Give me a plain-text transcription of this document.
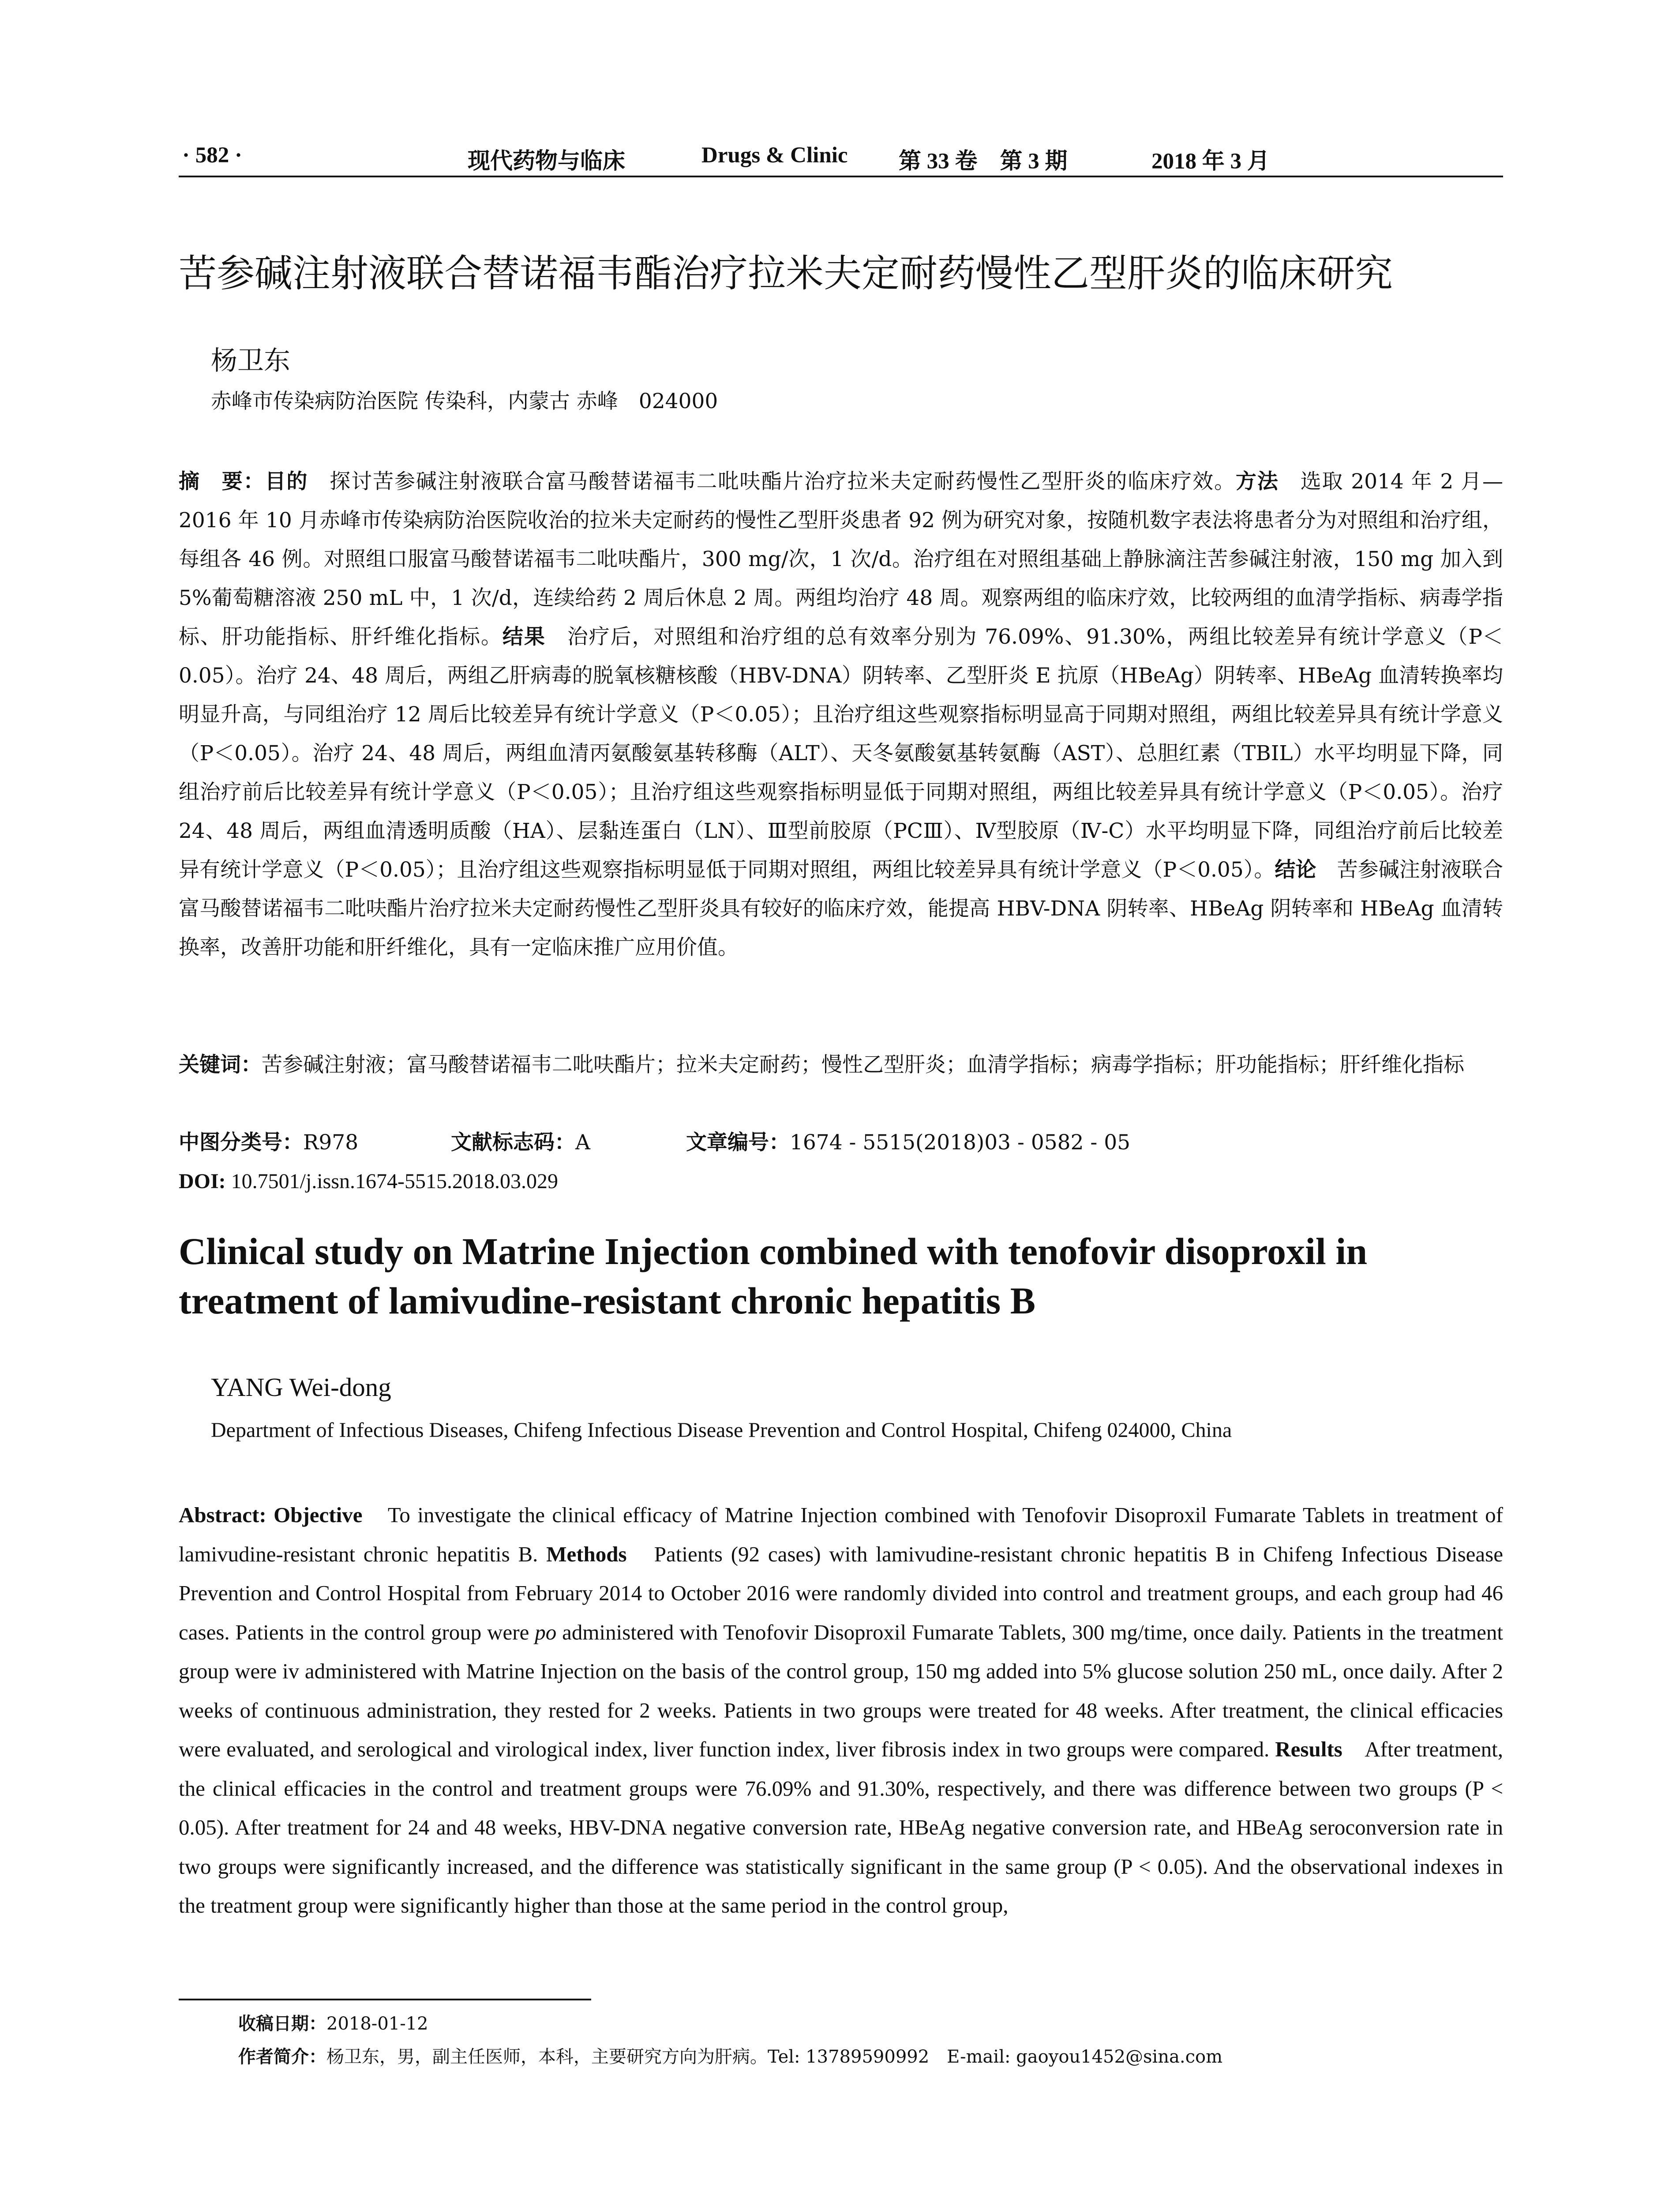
· 582 ·	现代药物与临床	Drugs & Clinic 第 33 卷　第 3 期	2018 年 3 月
苦参碱注射液联合替诺福韦酯治疗拉米夫定耐药慢性乙型肝炎的临床研究
杨卫东
赤峰市传染病防治医院 传染科，内蒙古 赤峰　024000
摘　要：目的　探讨苦参碱注射液联合富马酸替诺福韦二吡呋酯片治疗拉米夫定耐药慢性乙型肝炎的临床疗效。方法　选取 2014 年 2 月—2016 年 10 月赤峰市传染病防治医院收治的拉米夫定耐药的慢性乙型肝炎患者 92 例为研究对象，按随机数字表法将患者分为对照组和治疗组，每组各 46 例。对照组口服富马酸替诺福韦二吡呋酯片，300 mg/次，1 次/d。治疗组在对照组基础上静脉滴注苦参碱注射液，150 mg 加入到 5%葡萄糖溶液 250 mL 中，1 次/d，连续给药 2 周后休息 2 周。两组均治疗 48 周。观察两组的临床疗效，比较两组的血清学指标、病毒学指标、肝功能指标、肝纤维化指标。结果　治疗后，对照组和治疗组的总有效率分别为 76.09%、91.30%，两组比较差异有统计学意义（P＜0.05）。治疗 24、48 周后，两组乙肝病毒的脱氧核糖核酸（HBV-DNA）阴转率、乙型肝炎 E 抗原（HBeAg）阴转率、HBeAg 血清转换率均明显升高，与同组治疗 12 周后比较差异有统计学意义（P＜0.05）；且治疗组这些观察指标明显高于同期对照组，两组比较差异具有统计学意义（P＜0.05）。治疗 24、48 周后，两组血清丙氨酸氨基转移酶（ALT）、天冬氨酸氨基转氨酶（AST）、总胆红素（TBIL）水平均明显下降，同组治疗前后比较差异有统计学意义（P＜0.05）；且治疗组这些观察指标明显低于同期对照组，两组比较差异具有统计学意义（P＜0.05）。治疗 24、48 周后，两组血清透明质酸（HA）、层黏连蛋白（LN）、Ⅲ型前胶原（PCⅢ）、Ⅳ型胶原（Ⅳ-C）水平均明显下降，同组治疗前后比较差异有统计学意义（P＜0.05）；且治疗组这些观察指标明显低于同期对照组，两组比较差异具有统计学意义（P＜0.05）。结论　苦参碱注射液联合富马酸替诺福韦二吡呋酯片治疗拉米夫定耐药慢性乙型肝炎具有较好的临床疗效，能提高 HBV-DNA 阴转率、HBeAg 阴转率和 HBeAg 血清转换率，改善肝功能和肝纤维化，具有一定临床推广应用价值。
关键词：苦参碱注射液；富马酸替诺福韦二吡呋酯片；拉米夫定耐药；慢性乙型肝炎；血清学指标；病毒学指标；肝功能指标；肝纤维化指标
中图分类号： R978	文献标志码： A	文章编号： 1674 - 5515(2018)03 - 0582 - 05
DOI: 10.7501/j.issn.1674-5515.2018.03.029
Clinical study on Matrine Injection combined with tenofovir disoproxil in treatment of lamivudine-resistant chronic hepatitis B
YANG Wei-dong
Department of Infectious Diseases, Chifeng Infectious Disease Prevention and Control Hospital, Chifeng 024000, China
Abstract: Objective　To investigate the clinical efficacy of Matrine Injection combined with Tenofovir Disoproxil Fumarate Tablets in treatment of lamivudine-resistant chronic hepatitis B. Methods　Patients (92 cases) with lamivudine-resistant chronic hepatitis B in Chifeng Infectious Disease Prevention and Control Hospital from February 2014 to October 2016 were randomly divided into control and treatment groups, and each group had 46 cases. Patients in the control group were po administered with Tenofovir Disoproxil Fumarate Tablets, 300 mg/time, once daily. Patients in the treatment group were iv administered with Matrine Injection on the basis of the control group, 150 mg added into 5% glucose solution 250 mL, once daily. After 2 weeks of continuous administration, they rested for 2 weeks. Patients in two groups were treated for 48 weeks. After treatment, the clinical efficacies were evaluated, and serological and virological index, liver function index, liver fibrosis index in two groups were compared. Results　After treatment, the clinical efficacies in the control and treatment groups were 76.09% and 91.30%, respectively, and there was difference between two groups (P < 0.05). After treatment for 24 and 48 weeks, HBV-DNA negative conversion rate, HBeAg negative conversion rate, and HBeAg seroconversion rate in two groups were significantly increased, and the difference was statistically significant in the same group (P < 0.05). And the observational indexes in the treatment group were significantly higher than those at the same period in the control group,
收稿日期：2018-01-12
作者简介：杨卫东，男，副主任医师，本科，主要研究方向为肝病。Tel: 13789590992　E-mail: gaoyou1452@sina.com
